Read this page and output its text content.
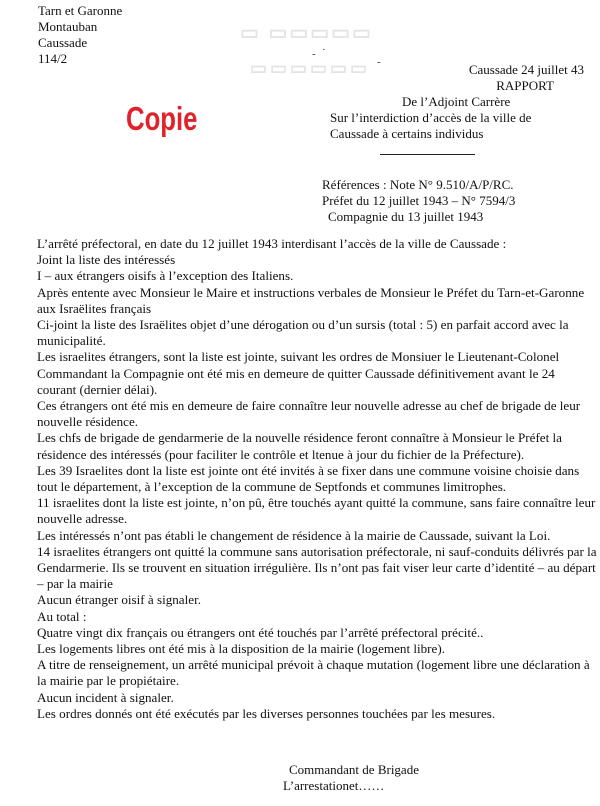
▭ ▭▭▭▭▭
▭▭▭▭▭▭
Tarn et Garonne
Montauban
Caussade
114/2	- ·
-
Copie
Caussade 24 juillet 43
RAPPORT
De l’Adjoint Carrère
Sur l’interdiction d’accès de la ville de
Caussade à certains individus
Références : Note N° 9.510/A/P/RC.
Préfet du 12 juillet 1943 – N° 7594/3
Compagnie du 13 juillet 1943

L’arrêté préfectoral, en date du 12 juillet 1943 interdisant l’accès de la ville de Caussade :

Joint la liste des intéressés

I – aux étrangers oisifs à l’exception des Italiens.

Après entente avec Monsieur le Maire et instructions verbales de Monsieur le Préfet du Tarn-et-Garonne aux Israëlites français

Ci-joint la liste des Israëlites objet d’une dérogation ou d’un sursis (total : 5) en parfait accord avec la municipalité.

Les israelites étrangers, sont la liste est jointe, suivant les ordres de Monsiuer le Lieutenant-Colonel Commandant la Compagnie ont été mis en demeure de quitter Caussade définitivement avant le 24 courant (dernier délai).

Ces étrangers ont été mis en demeure de faire connaître leur nouvelle adresse au chef de brigade de leur nouvelle résidence.

Les chfs de brigade de gendarmerie de la nouvelle résidence feront connaître à Monsieur le Préfet la résidence des intéressés (pour faciliter le contrôle et ltenue à jour du fichier de la Préfecture).

Les 39 Israelites dont la liste est jointe ont été invités à se fixer dans une commune voisine choisie dans tout le département, à l’exception de la commune de Septfonds et communes limitrophes.

11 israelites dont la liste est jointe, n’on pû, être touchés ayant quitté la commune, sans faire connaître leur nouvelle adresse.

Les intéressés n’ont pas établi le changement de résidence à la mairie de Caussade, suivant la Loi.

14 israelites étrangers ont quitté la commune sans autorisation préfectorale, ni sauf-conduits délivrés par la Gendarmerie. Ils se trouvent en situation irrégulière. Ils n’ont pas fait viser leur carte d’identité – au départ – par la mairie

Aucun étranger oisif à signaler.

Au total :

Quatre vingt dix français ou étrangers ont été touchés par l’arrêté préfectoral précité..

Les logements libres ont été mis à la disposition de la mairie (logement libre).

A titre de renseignement, un arrêté municipal prévoit à chaque mutation (logement libre une déclaration à la mairie par le propiétaire.

Aucun incident à signaler.

Les ordres donnés ont été exécutés par les diverses personnes touchées par les mesures.

Commandant de Brigade
L’arrestationet……
